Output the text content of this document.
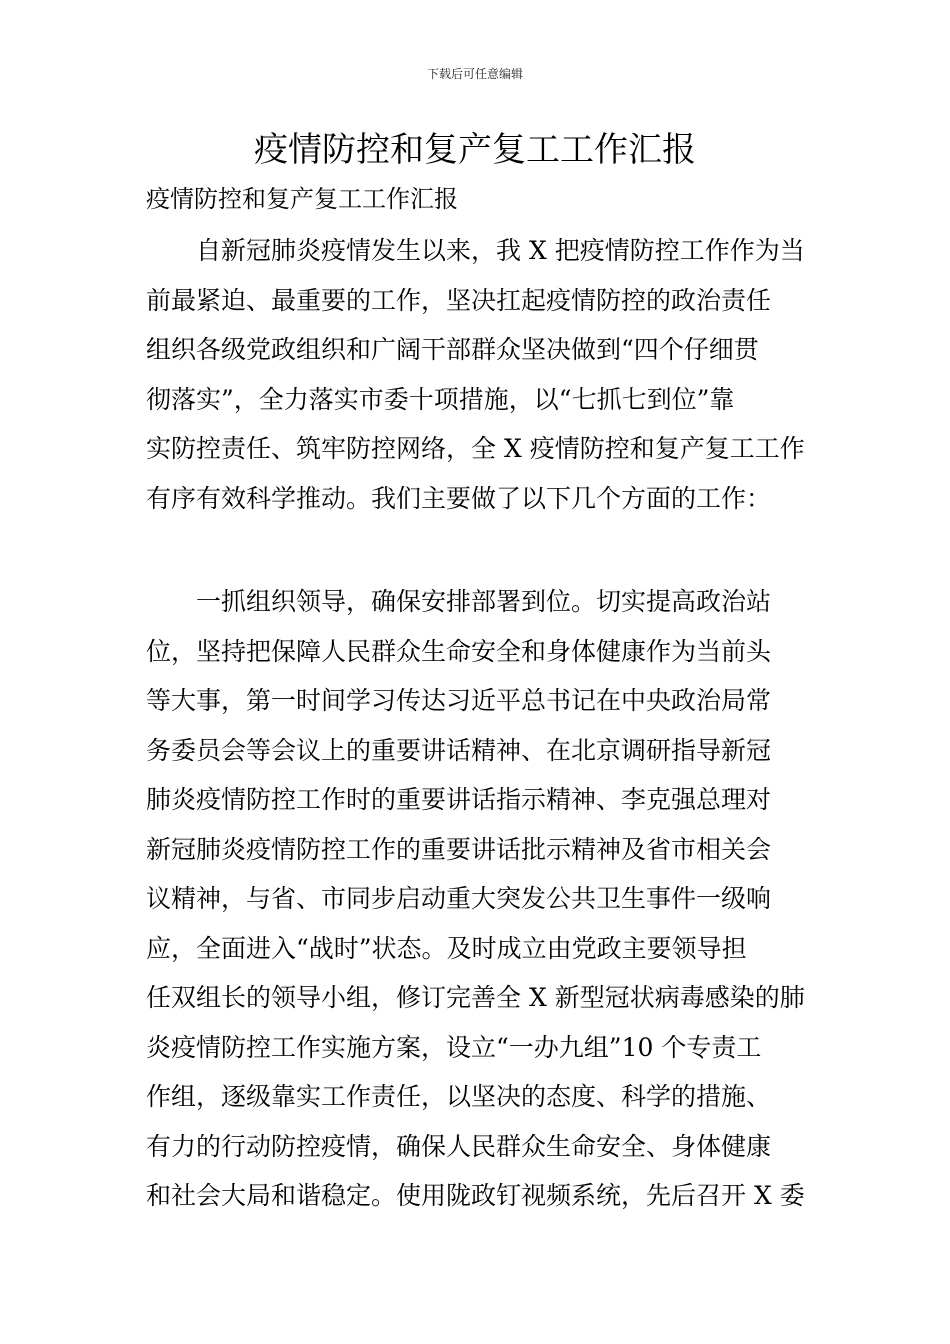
下载后可任意编辑
疫情防控和复产复工工作汇报
疫情防控和复产复工工作汇报
自新冠肺炎疫情发生以来，我 X 把疫情防控工作作为当
前最紧迫、最重要的工作，坚决扛起疫情防控的政治责任
组织各级党政组织和广阔干部群众坚决做到“四个仔细贯
彻落实”，全力落实市委十项措施，以“七抓七到位”靠
实防控责任、筑牢防控网络，全 X 疫情防控和复产复工工作
有序有效科学推动。我们主要做了以下几个方面的工作：
一抓组织领导，确保安排部署到位。切实提高政治站
位，坚持把保障人民群众生命安全和身体健康作为当前头
等大事，第一时间学习传达习近平总书记在中央政治局常
务委员会等会议上的重要讲话精神、在北京调研指导新冠
肺炎疫情防控工作时的重要讲话指示精神、李克强总理对
新冠肺炎疫情防控工作的重要讲话批示精神及省市相关会
议精神，与省、市同步启动重大突发公共卫生事件一级响
应，全面进入“战时”状态。及时成立由党政主要领导担
任双组长的领导小组，修订完善全 X 新型冠状病毒感染的肺
炎疫情防控工作实施方案，设立“一办九组”10 个专责工
作组，逐级靠实工作责任，以坚决的态度、科学的措施、
有力的行动防控疫情，确保人民群众生命安全、身体健康
和社会大局和谐稳定。使用陇政钉视频系统，先后召开 X 委
